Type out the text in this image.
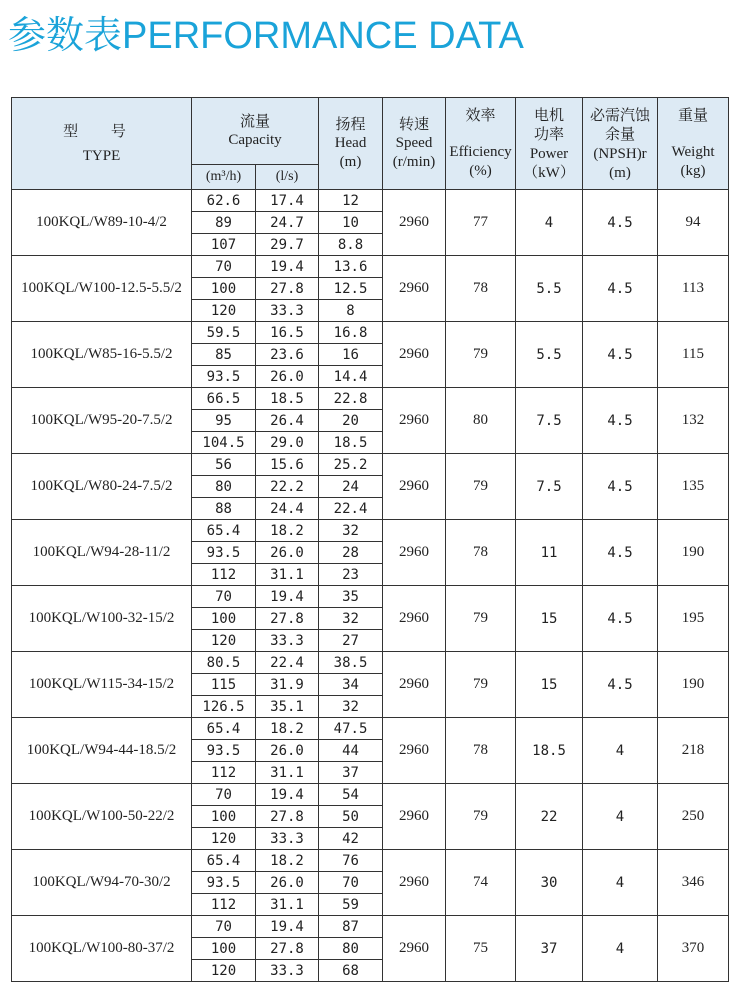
参数表PERFORMANCE DATA
型 号
TYPE	流量
Capacity		扬程
Head
(m)	转速
Speed
(r/min)	效率
Efficiency
(%)	电机
功率
Power
（kW）	必需汽蚀
余量
(NPSH)r
(m)	重量
Weight
(kg)

	(m³/h)	(l/s)						
100KQL/W89-10-4/2	62.6	17.4	12	2960	77	4	4.5	94
	89	24.7	10					
	107	29.7	8.8					
100KQL/W100-12.5-5.5/2	70	19.4	13.6	2960	78	5.5	4.5	113
	100	27.8	12.5					
	120	33.3	8					
100KQL/W85-16-5.5/2	59.5	16.5	16.8	2960	79	5.5	4.5	115
	85	23.6	16					
	93.5	26.0	14.4					
100KQL/W95-20-7.5/2	66.5	18.5	22.8	2960	80	7.5	4.5	132
	95	26.4	20					
	104.5	29.0	18.5					
100KQL/W80-24-7.5/2	56	15.6	25.2	2960	79	7.5	4.5	135
	80	22.2	24					
	88	24.4	22.4					
100KQL/W94-28-11/2	65.4	18.2	32	2960	78	11	4.5	190
	93.5	26.0	28					
	112	31.1	23					
100KQL/W100-32-15/2	70	19.4	35	2960	79	15	4.5	195
	100	27.8	32					
	120	33.3	27					
100KQL/W115-34-15/2	80.5	22.4	38.5	2960	79	15	4.5	190
	115	31.9	34					
	126.5	35.1	32					
100KQL/W94-44-18.5/2	65.4	18.2	47.5	2960	78	18.5	4	218
	93.5	26.0	44					
	112	31.1	37					
100KQL/W100-50-22/2	70	19.4	54	2960	79	22	4	250
	100	27.8	50					
	120	33.3	42					
100KQL/W94-70-30/2	65.4	18.2	76	2960	74	30	4	346
	93.5	26.0	70					
	112	31.1	59					
100KQL/W100-80-37/2	70	19.4	87	2960	75	37	4	370
	100	27.8	80					
	120	33.3	68					
